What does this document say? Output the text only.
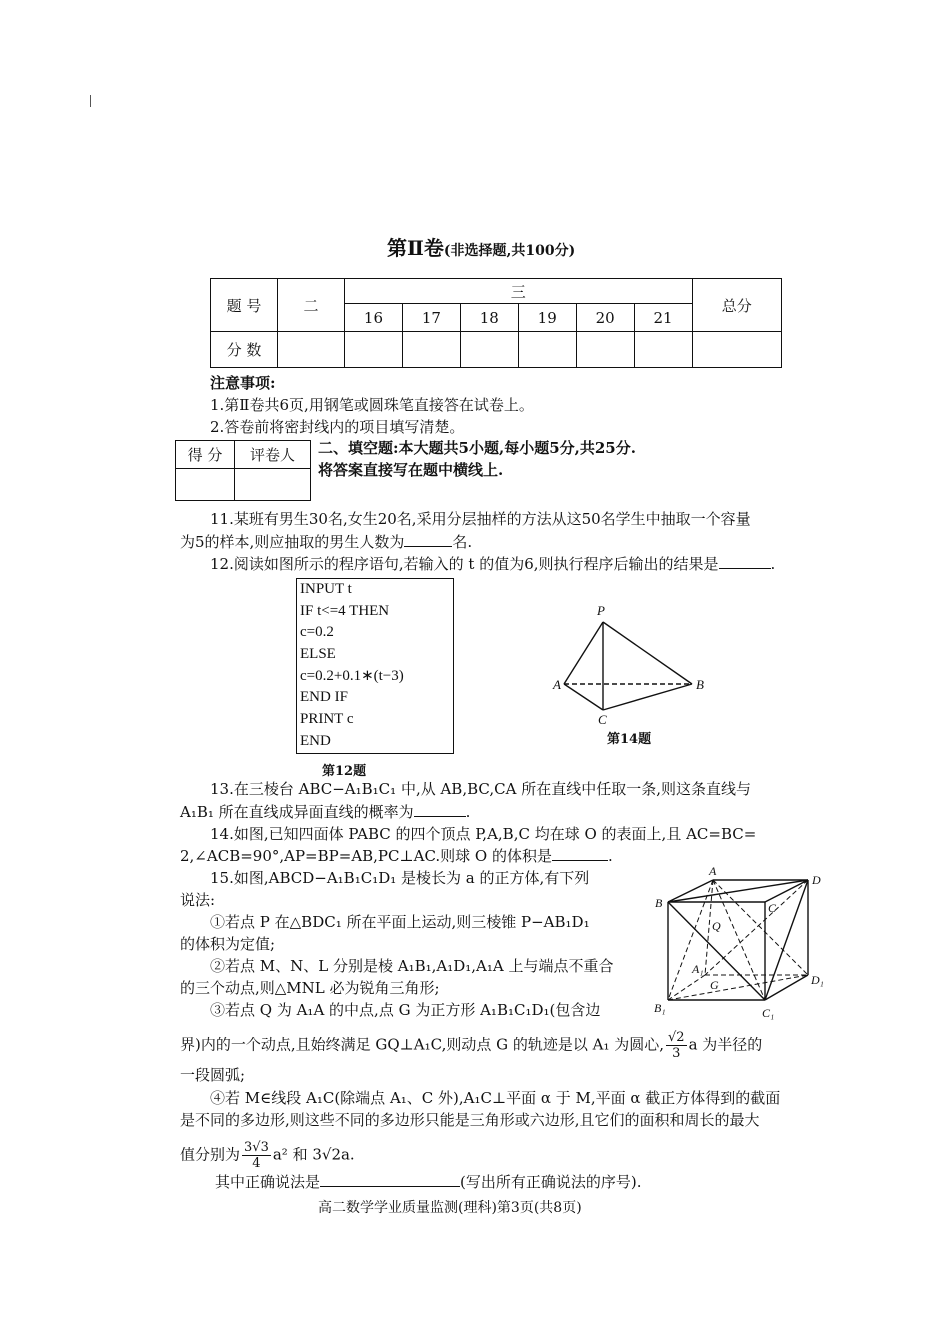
第Ⅱ卷(非选择题,共100分)
题 号	二	三						总分
		16	17	18	19	20	21	
分 数								
注意事项:
1.第Ⅱ卷共6页,用钢笔或圆珠笔直接答在试卷上。
2.答卷前将密封线内的项目填写清楚。
得 分	评卷人
	二、填空题:本大题共5小题,每小题5分,共25分.
将答案直接写在题中横线上.
11.某班有男生30名,女生20名,采用分层抽样的方法从这50名学生中抽取一个容量
为5的样本,则应抽取的男生人数为	名.
12.阅读如图所示的程序语句,若输入的 t 的值为6,则执行程序后输出的结果是	.
INPUT t
IF t<=4 THEN
c=0.2
ELSE
c=0.2+0.1∗(t−3)
END IF
PRINT c
END
第12题
P
A	B
C
第14题
13.在三棱台 ABC−A₁B₁C₁ 中,从 AB,BC,CA 所在直线中任取一条,则这条直线与
A₁B₁ 所在直线成异面直线的概率为	.
14.如图,已知四面体 PABC 的四个顶点 P,A,B,C 均在球 O 的表面上,且 AC=BC=
2,∠ACB=90°,AP=BP=AB,PC⊥AC.则球 O 的体积是	.
15.如图,ABCD−A₁B₁C₁D₁ 是棱长为 a 的正方体,有下列
说法:
①若点 P 在△BDC₁ 所在平面上运动,则三棱锥 P−AB₁D₁
的体积为定值;
②若点 M、N、L 分别是棱 A₁B₁,A₁D₁,A₁A 上与端点不重合
的三个动点,则△MNL 必为锐角三角形;
③若点 Q 为 A₁A 的中点,点 G 为正方形 A₁B₁C₁D₁(包含边
界)内的一个动点,且始终满足 GQ⊥A₁C,则动点 G 的轨迹是以 A₁ 为圆心, $\frac{√2}{3}$ a 为半径的
一段圆弧;
④若 M∈线段 A₁C(除端点 A₁、C 外),A₁C⊥平面 α 于 M,平面 α 截正方体得到的截面
是不同的多边形,则这些不同的多边形只能是三角形或六边形,且它们的面积和周长的最大
值分别为 $\frac{3√3}{4} a^2$ 和 3√2a.
其中正确说法是	(写出所有正确说法的序号).
A
D
B	C
Q
A₁
G	D₁
B₁	C₁
高二数学学业质量监测(理科)第3页(共8页)
